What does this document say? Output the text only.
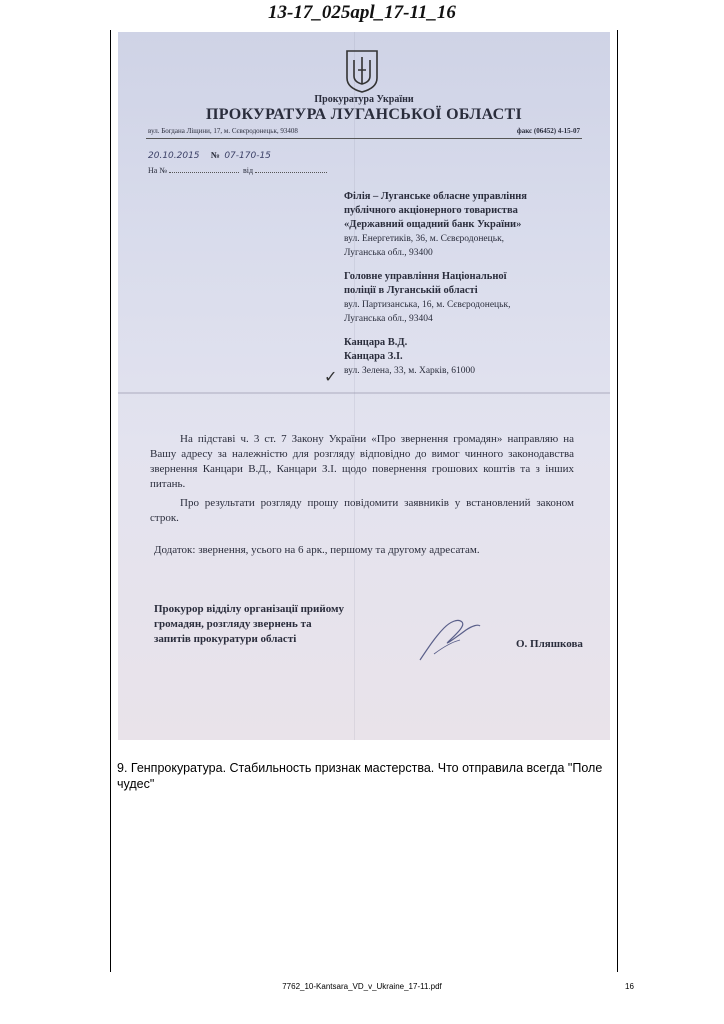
13-17_025apl_17-11_16
Прокуратура України
ПРОКУРАТУРА ЛУГАНСЬКОЇ ОБЛАСТІ
вул. Богдана Ліщини, 17, м. Сєвєродонецьк, 93408	факс (06452) 4-15-07
20.10.2015 № 07-170-15
На №	від
Філія – Луганське обласне управління
публічного акціонерного товариства
«Державний ощадний банк України»
вул. Енергетиків, 36, м. Сєвєродонецьк,
Луганська обл., 93400
Головне управління Національної
поліції в Луганській області
вул. Партизанська, 16, м. Сєвєродонецьк,
Луганська обл., 93404
Канцара В.Д.
Канцара З.І.
вул. Зелена, 33, м. Харків, 61000
✓

На підставі ч. 3 ст. 7 Закону України «Про звернення громадян» направляю на Вашу адресу за належністю для розгляду відповідно до вимог чинного законодавства звернення Канцари В.Д., Канцари З.І. щодо повернення грошових коштів та з інших питань.

Про результати розгляду прошу повідомити заявників у встановлений законом строк.

Додаток: звернення, усього на 6 арк., першому та другому адресатам.
Прокурор відділу організації прийому
громадян, розгляду звернень та
запитів прокуратури області	О. Пляшкова
9. Генпрокуратура. Стабильность признак мастерства. Что отправила всегда "Поле чудес"
7762_10-Kantsara_VD_v_Ukraine_17-11.pdf	16
